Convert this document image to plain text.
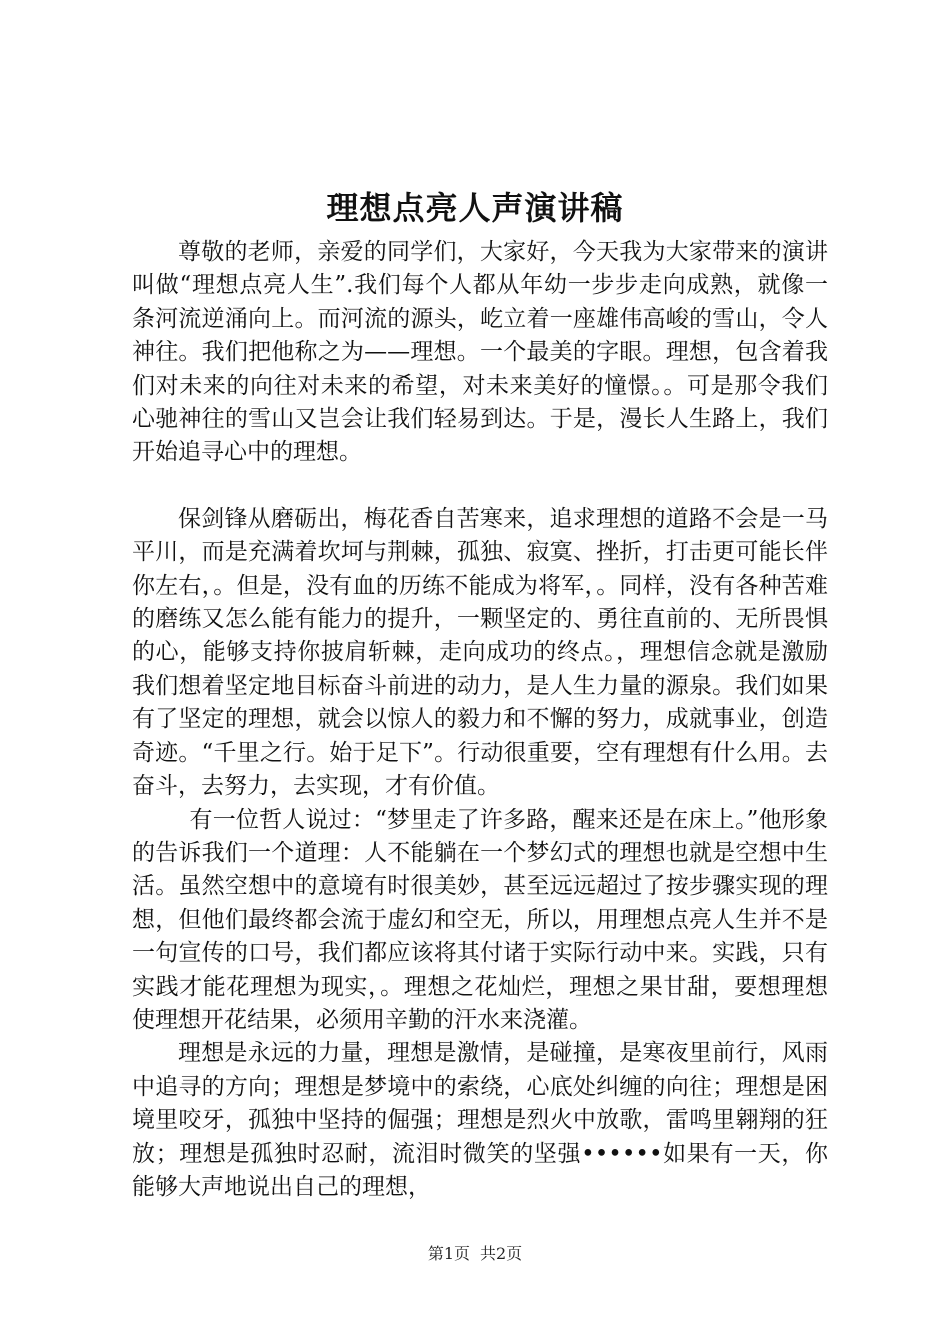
理想点亮人声演讲稿

尊敬的老师，亲爱的同学们，大家好，今天我为大家带来的演讲叫做“理想点亮人生”.我们每个人都从年幼一步步走向成熟，就像一条河流逆涌向上。而河流的源头，屹立着一座雄伟高峻的雪山，令人神往。我们把他称之为——理想。一个最美的字眼。理想，包含着我们对未来的向往对未来的希望，对未来美好的憧憬。。可是那令我们心驰神往的雪山又岂会让我们轻易到达。于是，漫长人生路上，我们开始追寻心中的理想。

保剑锋从磨砺出，梅花香自苦寒来，追求理想的道路不会是一马平川，而是充满着坎坷与荆棘，孤独、寂寞、挫折，打击更可能长伴你左右，。但是，没有血的历练不能成为将军，。同样，没有各种苦难的磨练又怎么能有能力的提升，一颗坚定的、勇往直前的、无所畏惧的心，能够支持你披肩斩棘，走向成功的终点。，理想信念就是激励我们想着坚定地目标奋斗前进的动力，是人生力量的源泉。我们如果有了坚定的理想，就会以惊人的毅力和不懈的努力，成就事业，创造奇迹。“千里之行。始于足下”。行动很重要，空有理想有什么用。去奋斗，去努力，去实现，才有价值。

有一位哲人说过：“梦里走了许多路，醒来还是在床上。”他形象的告诉我们一个道理：人不能躺在一个梦幻式的理想也就是空想中生活。虽然空想中的意境有时很美妙，甚至远远超过了按步骤实现的理想，但他们最终都会流于虚幻和空无，所以，用理想点亮人生并不是一句宣传的口号，我们都应该将其付诸于实际行动中来。实践，只有实践才能花理想为现实，。理想之花灿烂，理想之果甘甜，要想理想使理想开花结果，必须用辛勤的汗水来浇灌。

理想是永远的力量，理想是激情，是碰撞，是寒夜里前行，风雨中追寻的方向；理想是梦境中的索绕，心底处纠缠的向往；理想是困境里咬牙，孤独中坚持的倔强；理想是烈火中放歌，雷鸣里翱翔的狂放；理想是孤独时忍耐，流泪时微笑的坚强••••••如果有一天，你能够大声地说出自己的理想，

第1页 共2页
